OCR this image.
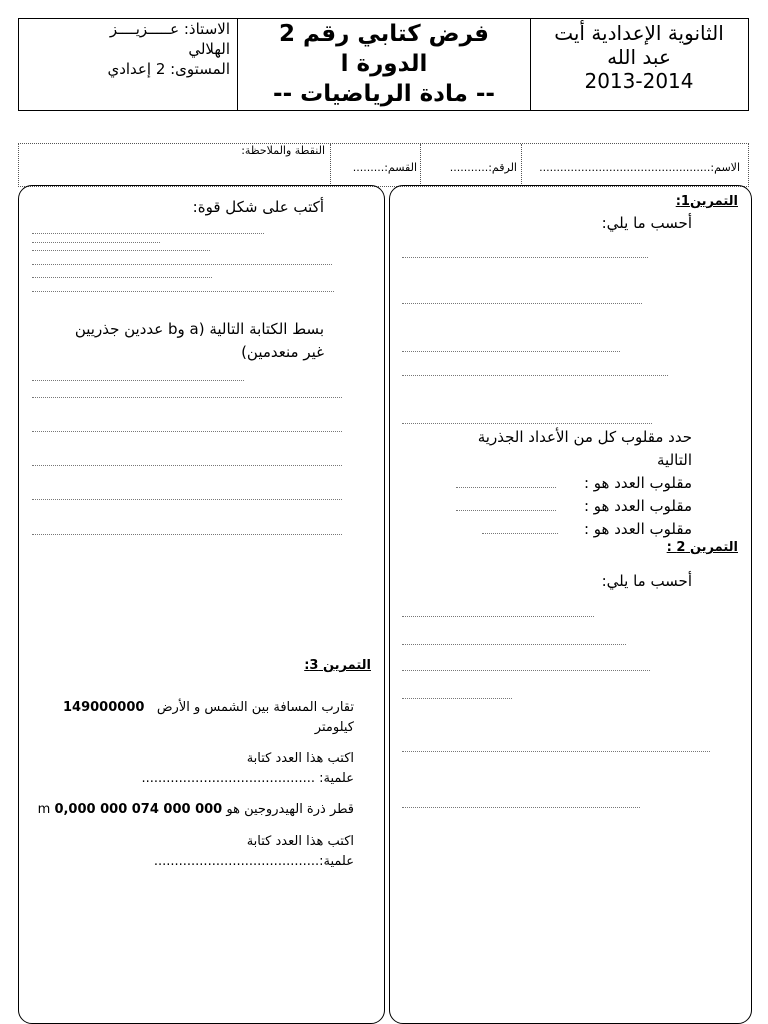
الثانوية الإعدادية أيت
عبد الله
2013-2014
فرض كتابي رقم 2
الدورة ا
-- مادة الرياضيات --
الاستاذ: عـــــزيــــز
الهلالي
المستوى: 2 إعدادي
الاسم:.................................................
الرقم:...........
القسم:.........
النقطة والملاحظة:
التمرين1:
أحسب ما يلي:
حدد مقلوب كل من الأعداد الجذرية
التالية
مقلوب العدد هو :
مقلوب العدد هو :
مقلوب العدد هو :
التمرين 2 :
أحسب ما يلي:
أكتب على شكل قوة:
بسط الكتابة التالية (a وb عددين جذريين
غير منعدمين)
التمرين 3:
تقارب المسافة بين الشمس و الأرض   149000000
كيلومتر
اكتب هذا العدد كتابة
علمية: ..........................................
قطر ذرة الهيدروجين هو 0,000 000 074 000 000 m
اكتب هذا العدد كتابة
علمية:........................................
